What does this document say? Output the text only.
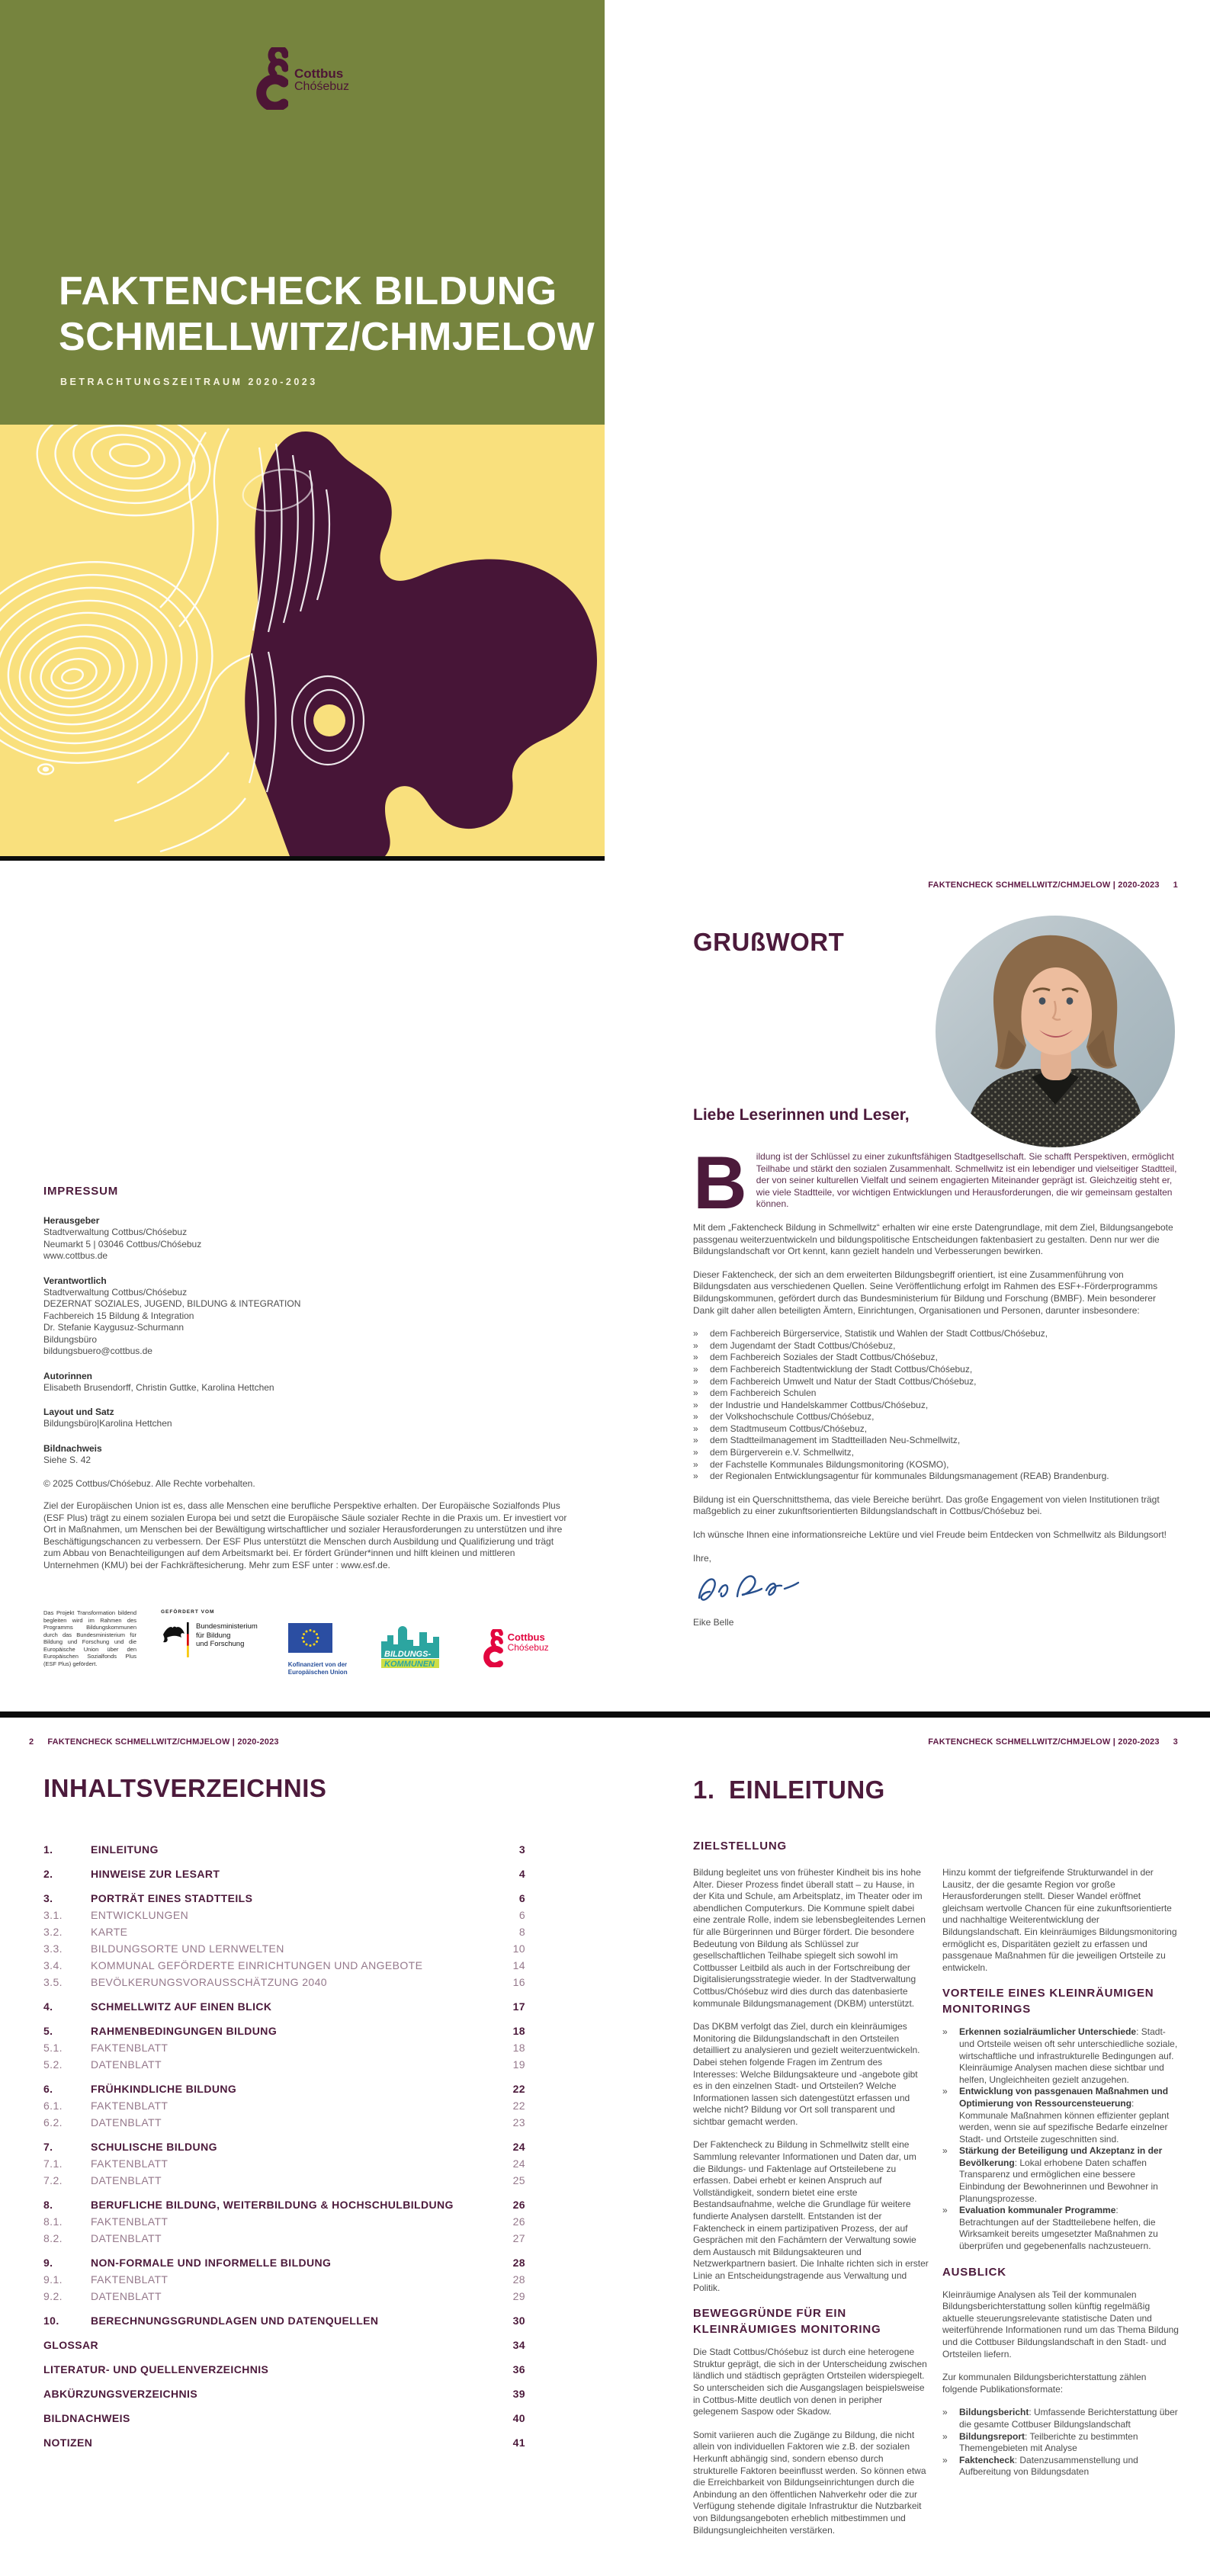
Cottbus
Chóśebuz
FAKTENCHECK BILDUNG
SCHMELLWITZ/CHMJELOW
BETRACHTUNGSZEITRAUM 2020-2023
IMPRESSUM
Herausgeber
Stadtverwaltung Cottbus/Chóśebuz
Neumarkt 5 | 03046 Cottbus/Chóśebuz
www.cottbus.de
Verantwortlich
Stadtverwaltung Cottbus/Chóśebuz
DEZERNAT SOZIALES, JUGEND, BILDUNG & INTEGRATION
Fachbereich 15 Bildung & Integration
Dr. Stefanie Kaygusuz-Schurmann
Bildungsbüro
bildungsbuero@cottbus.de
Autorinnen
Elisabeth Brusendorff, Christin Guttke, Karolina Hettchen
Layout und Satz
Bildungsbüro|Karolina Hettchen
Bildnachweis
Siehe S. 42
© 2025 Cottbus/Chóśebuz. Alle Rechte vorbehalten.
Ziel der Europäischen Union ist es, dass alle Menschen eine berufliche Perspektive erhalten. Der Europäische Sozialfonds Plus (ESF Plus) trägt zu einem sozialen Europa bei und setzt die Europäische Säule sozialer Rechte in die Praxis um. Er investiert vor Ort in Maßnahmen, um Menschen bei der Bewältigung wirtschaftlicher und sozialer Herausforderungen zu unterstützen und ihre Beschäftigungschancen zu verbessern. Der ESF Plus unterstützt die Menschen durch Ausbildung und Qualifizierung und trägt zum Abbau von Benachteiligungen auf dem Arbeitsmarkt bei. Er fördert Gründer*innen und hilft kleinen und mittleren Unternehmen (KMU) bei der Fachkräftesicherung. Mehr zum ESF unter : www.esf.de.
Das Projekt Transformation bildend begleiten wird im Rahmen des Programms Bildungskommunen durch das Bundesministerium für Bildung und Forschung und die Europäische Union über den Europäischen Sozialfonds Plus (ESF Plus) gefördert.
GEFÖRDERT VOM
Bundesministerium
für Bildung
und Forschung
Kofinanziert von der
Europäischen Union
BILDUNGS-
KOMMUNEN
Cottbus
Chóśebuz
FAKTENCHECK SCHMELLWITZ/CHMJELOW | 2020-2023 1
GRUßWORT
Liebe Leserinnen und Leser,

B ildung ist der Schlüssel zu einer zukunftsfähigen Stadtgesellschaft. Sie schafft Perspektiven, ermöglicht Teilhabe und stärkt den sozialen Zusammenhalt. Schmellwitz ist ein lebendiger und vielseitiger Stadtteil, der von seiner kulturellen Vielfalt und seinem engagierten Miteinander geprägt ist. Gleichzeitig steht er, wie viele Stadtteile, vor wichtigen Entwicklungen und Herausforderungen, die wir gemeinsam gestalten können.

Mit dem „Faktencheck Bildung in Schmellwitz“ erhalten wir eine erste Datengrundlage, mit dem Ziel, Bildungsangebote passgenau weiterzuentwickeln und bildungspolitische Entscheidungen faktenbasiert zu gestalten. Denn nur wer die Bildungslandschaft vor Ort kennt, kann gezielt handeln und Verbesserungen bewirken.

Dieser Faktencheck, der sich an dem erweiterten Bildungsbegriff orientiert, ist eine Zusammenführung von Bildungsdaten aus verschiedenen Quellen. Seine Veröffentlichung erfolgt im Rahmen des ESF+-Förderprogramms Bildungskommunen, gefördert durch das Bundesministerium für Bildung und Forschung (BMBF). Mein besonderer Dank gilt daher allen beteiligten Ämtern, Einrichtungen, Organisationen und Personen, darunter insbesondere:

» dem Fachbereich Bürgerservice, Statistik und Wahlen der Stadt Cottbus/Chóśebuz,
» dem Jugendamt der Stadt Cottbus/Chóśebuz,
» dem Fachbereich Soziales der Stadt Cottbus/Chóśebuz,
» dem Fachbereich Stadtentwicklung der Stadt Cottbus/Chóśebuz,
» dem Fachbereich Umwelt und Natur der Stadt Cottbus/Chóśebuz,
» dem Fachbereich Schulen
» der Industrie und Handelskammer Cottbus/Chóśebuz,
» der Volkshochschule Cottbus/Chóśebuz,
» dem Stadtmuseum Cottbus/Chóśebuz,
» dem Stadtteilmanagement im Stadtteilladen Neu-Schmellwitz,
» dem Bürgerverein e.V. Schmellwitz,
» der Fachstelle Kommunales Bildungsmonitoring (KOSMO),
» der Regionalen Entwicklungsagentur für kommunales Bildungsmanagement (REAB) Brandenburg.

Bildung ist ein Querschnittsthema, das viele Bereiche berührt. Das große Engagement von vielen Institutionen trägt maßgeblich zu einer zukunftsorientierten Bildungslandschaft in Cottbus/Chóśebuz bei.

Ich wünsche Ihnen eine informationsreiche Lektüre und viel Freude beim Entdecken von Schmellwitz als Bildungsort!

Ihre,

Eike Belle
2 FAKTENCHECK SCHMELLWITZ/CHMJELOW | 2020-2023
INHALTSVERZEICHNIS
1.	EINLEITUNG	3
2.	HINWEISE ZUR LESART	4
3.	PORTRÄT EINES STADTTEILS	6
3.1.	ENTWICKLUNGEN	6
3.2.	KARTE	8
3.3.	BILDUNGSORTE UND LERNWELTEN	10
3.4.	KOMMUNAL GEFÖRDERTE EINRICHTUNGEN UND ANGEBOTE	14
3.5.	BEVÖLKERUNGSVORAUSSCHÄTZUNG 2040	16
4.	SCHMELLWITZ AUF EINEN BLICK	17
5.	RAHMENBEDINGUNGEN BILDUNG	18
5.1.	FAKTENBLATT	18
5.2.	DATENBLATT	19
6.	FRÜHKINDLICHE BILDUNG	22
6.1.	FAKTENBLATT	22
6.2.	DATENBLATT	23
7.	SCHULISCHE BILDUNG	24
7.1.	FAKTENBLATT	24
7.2.	DATENBLATT	25
8.	BERUFLICHE BILDUNG, WEITERBILDUNG & HOCHSCHULBILDUNG	26
8.1.	FAKTENBLATT	26
8.2.	DATENBLATT	27
9.	NON-FORMALE UND INFORMELLE BILDUNG	28
9.1.	FAKTENBLATT	28
9.2.	DATENBLATT	29
10.	BERECHNUNGSGRUNDLAGEN UND DATENQUELLEN	30
GLOSSAR	34
LITERATUR- UND QUELLENVERZEICHNIS	36
ABKÜRZUNGSVERZEICHNIS	39
BILDNACHWEIS	40
NOTIZEN	41
FAKTENCHECK SCHMELLWITZ/CHMJELOW | 2020-2023 3
1. EINLEITUNG
ZIELSTELLUNG

Bildung begleitet uns von frühester Kindheit bis ins hohe Alter. Dieser Prozess findet überall statt – zu Hause, in der Kita und Schule, am Arbeitsplatz, im Theater oder im abendlichen Computerkurs. Die Kommune spielt dabei eine zentrale Rolle, indem sie lebensbegleitendes Lernen für alle Bürgerinnen und Bürger fördert. Die besondere Bedeutung von Bildung als Schlüssel zur gesellschaftlichen Teilhabe spiegelt sich sowohl im Cottbusser Leitbild als auch in der Fortschreibung der Digitalisierungsstrategie wieder. In der Stadtverwaltung Cottbus/Chóśebuz wird dies durch das datenbasierte kommunale Bildungsmanagement (DKBM) unterstützt.

Das DKBM verfolgt das Ziel, durch ein kleinräumiges Monitoring die Bildungslandschaft in den Ortsteilen detailliert zu analysieren und gezielt weiterzuentwickeln. Dabei stehen folgende Fragen im Zentrum des Interesses: Welche Bildungsakteure und -angebote gibt es in den einzelnen Stadt- und Ortsteilen? Welche Informationen lassen sich datengestützt erfassen und welche nicht? Bildung vor Ort soll transparent und sichtbar gemacht werden.

Der Faktencheck zu Bildung in Schmellwitz stellt eine Sammlung relevanter Informationen und Daten dar, um die Bildungs- und Faktenlage auf Ortsteilebene zu erfassen. Dabei erhebt er keinen Anspruch auf Vollständigkeit, sondern bietet eine erste Bestandsaufnahme, welche die Grundlage für weitere fundierte Analysen darstellt. Entstanden ist der Faktencheck in einem partizipativen Prozess, der auf Gesprächen mit den Fachämtern der Verwaltung sowie dem Austausch mit Bildungsakteuren und Netzwerkpartnern basiert. Die Inhalte richten sich in erster Linie an Entscheidungstragende aus Verwaltung und Politik.

BEWEGGRÜNDE FÜR EIN KLEINRÄUMIGES MONITORING

Die Stadt Cottbus/Chóśebuz ist durch eine heterogene Struktur geprägt, die sich in der Unterscheidung zwischen ländlich und städtisch geprägten Ortsteilen widerspiegelt. So unterscheiden sich die Ausgangslagen beispielsweise in Cottbus-Mitte deutlich von denen in peripher gelegenem Saspow oder Skadow.

Somit variieren auch die Zugänge zu Bildung, die nicht allein von individuellen Faktoren wie z.B. der sozialen Herkunft abhängig sind, sondern ebenso durch strukturelle Faktoren beeinflusst werden. So können etwa die Erreichbarkeit von Bildungseinrichtungen durch die Anbindung an den öffentlichen Nahverkehr oder die zur Verfügung stehende digitale Infrastruktur die Nutzbarkeit von Bildungsangeboten erheblich mitbestimmen und Bildungsungleichheiten verstärken.

Hinzu kommt der tiefgreifende Strukturwandel in der Lausitz, der die gesamte Region vor große Herausforderungen stellt. Dieser Wandel eröffnet gleichsam wertvolle Chancen für eine zukunftsorientierte und nachhaltige Weiterentwicklung der Bildungslandschaft. Ein kleinräumiges Bildungsmonitoring ermöglicht es, Disparitäten gezielt zu erfassen und passgenaue Maßnahmen für die jeweiligen Ortsteile zu entwickeln.

VORTEILE EINES KLEINRÄUMIGEN MONITORINGS
» Erkennen sozialräumlicher Unterschiede: Stadt- und Ortsteile weisen oft sehr unterschiedliche soziale, wirtschaftliche und infrastrukturelle Bedingungen auf. Kleinräumige Analysen machen diese sichtbar und helfen, Ungleichheiten gezielt anzugehen.
» Entwicklung von passgenauen Maßnahmen und Optimierung von Ressourcensteuerung: Kommunale Maßnahmen können effizienter geplant werden, wenn sie auf spezifische Bedarfe einzelner Stadt- und Ortsteile zugeschnitten sind.
» Stärkung der Beteiligung und Akzeptanz in der Bevölkerung: Lokal erhobene Daten schaffen Transparenz und ermöglichen eine bessere Einbindung der Bewohnerinnen und Bewohner in Planungsprozesse.
» Evaluation kommunaler Programme: Betrachtungen auf der Stadtteilebene helfen, die Wirksamkeit bereits umgesetzter Maßnahmen zu überprüfen und gegebenenfalls nachzusteuern.
AUSBLICK

Kleinräumige Analysen als Teil der kommunalen Bildungsberichterstattung sollen künftig regelmäßig aktuelle steuerungsrelevante statistische Daten und weiterführende Informationen rund um das Thema Bildung und die Cottbuser Bildungslandschaft in den Stadt- und Ortsteilen liefern.

Zur kommunalen Bildungsberichterstattung zählen folgende Publikationsformate:

» Bildungsbericht: Umfassende Berichterstattung über die gesamte Cottbuser Bildungslandschaft
» Bildungsreport: Teilberichte zu bestimmten Themengebieten mit Analyse
» Faktencheck: Datenzusammenstellung und Aufbereitung von Bildungsdaten
